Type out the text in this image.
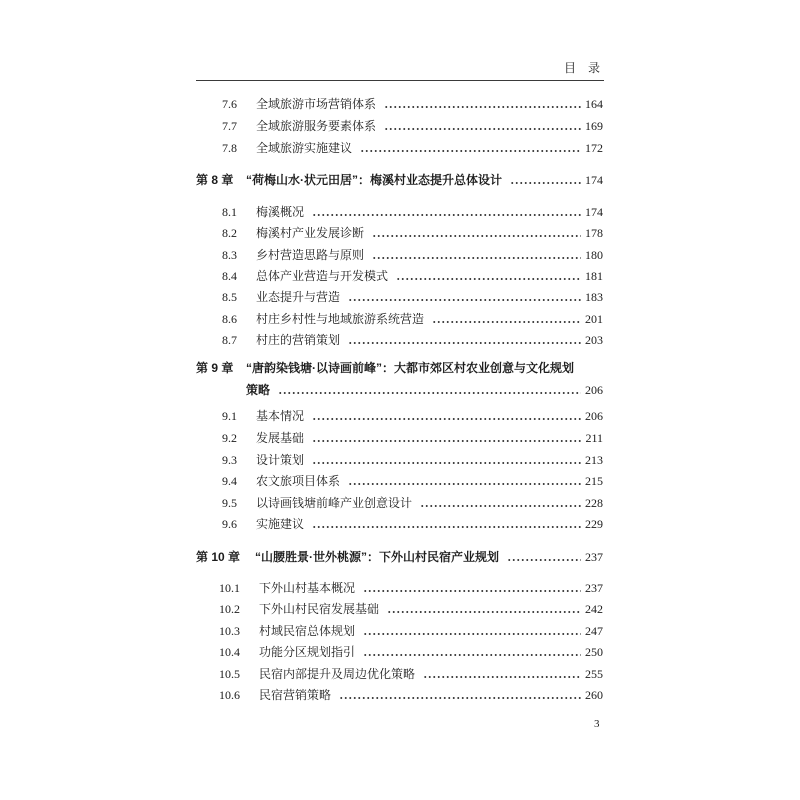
目　录
7.6	全域旅游市场营销体系	164
7.7	全域旅游服务要素体系	169
7.8	全域旅游实施建议	172
第 8 章	“荷梅山水·状元田居”：梅溪村业态提升总体设计	174
8.1	梅溪概况	174
8.2	梅溪村产业发展诊断	178
8.3	乡村营造思路与原则	180
8.4	总体产业营造与开发模式	181
8.5	业态提升与营造	183
8.6	村庄乡村性与地域旅游系统营造	201
8.7	村庄的营销策划	203
第 9 章	“唐韵染钱塘·以诗画前峰”：大都市郊区村农业创意与文化规划
策略	206
9.1	基本情况	206
9.2	发展基础	211
9.3	设计策划	213
9.4	农文旅项目体系	215
9.5	以诗画钱塘前峰产业创意设计	228
9.6	实施建议	229
第 10 章	“山腰胜景·世外桃源”：下外山村民宿产业规划	237
10.1	下外山村基本概况	237
10.2	下外山村民宿发展基础	242
10.3	村域民宿总体规划	247
10.4	功能分区规划指引	250
10.5	民宿内部提升及周边优化策略	255
10.6	民宿营销策略	260
3
